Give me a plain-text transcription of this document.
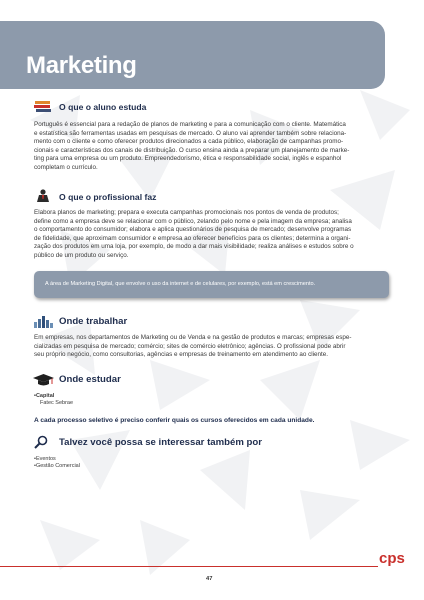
Marketing
Eixo Tecnológico: Gestão e Negócios
O que o aluno estuda
Português é essencial para a redação de planos de marketing e para a comunicação com o cliente. Matemática
e estatística são ferramentas usadas em pesquisas de mercado. O aluno vai aprender também sobre relaciona-
mento com o cliente e como oferecer produtos direcionados a cada público, elaboração de campanhas promo-
cionais e características dos canais de distribuição. O curso ensina ainda a preparar um planejamento de marke-
ting para uma empresa ou um produto. Empreendedorismo, ética e responsabilidade social, inglês e espanhol
completam o currículo.
O que o profissional faz
Elabora planos de marketing; prepara e executa campanhas promocionais nos pontos de venda de produtos;
define como a empresa deve se relacionar com o público, zelando pelo nome e pela imagem da empresa; analisa
o comportamento do consumidor; elabora e aplica questionários de pesquisa de mercado; desenvolve programas
de fidelidade, que aproximam consumidor e empresa ao oferecer benefícios para os clientes; determina a organi-
zação dos produtos em uma loja, por exemplo, de modo a dar mais visibilidade; realiza análises e estudos sobre o
público de um produto ou serviço.
A área de Marketing Digital, que envolve o uso da internet e de celulares, por exemplo, está em crescimento.
Onde trabalhar
Em empresas, nos departamentos de Marketing ou de Venda e na gestão de produtos e marcas; empresas espe-
cializadas em pesquisa de mercado; comércio; sites de comércio eletrônico; agências. O profissional pode abrir
seu próprio negócio, como consultorias, agências e empresas de treinamento em atendimento ao cliente.
Onde estudar
• Capital
Fatec Sebrae
A cada processo seletivo é preciso conferir quais os cursos oferecidos em cada unidade.
Talvez você possa se interessar também por
• Eventos
• Gestão Comercial
cps
47
